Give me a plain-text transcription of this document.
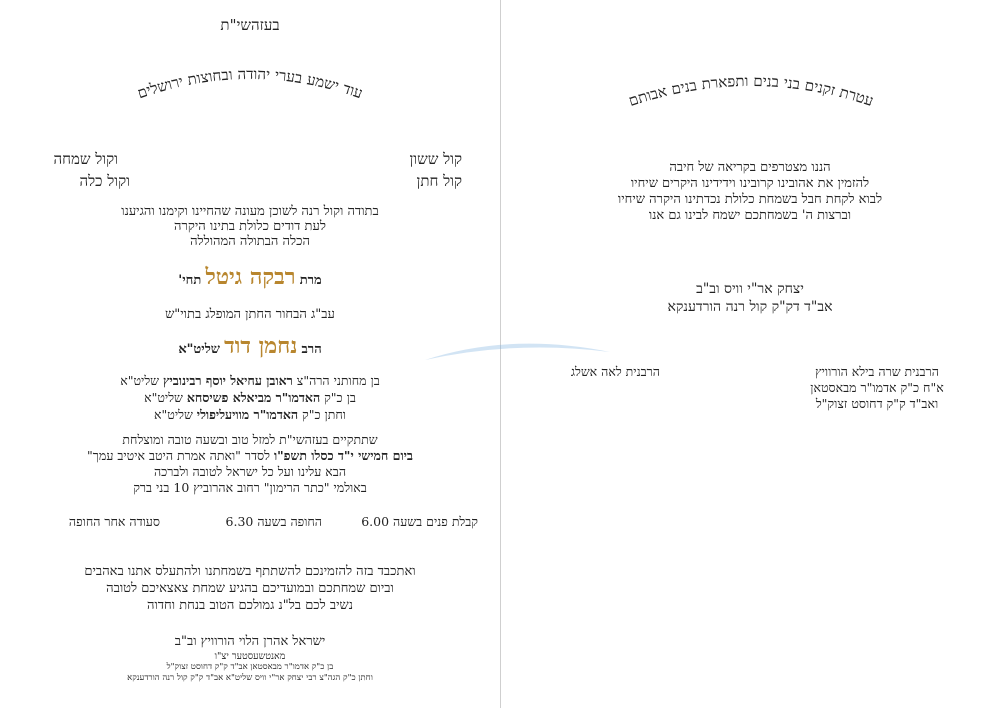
בעזהשי"ת
עוד ישמע בערי יהודה ובחוצות ירושלים
קול ששון
וקול שמחה
קול חתן
וקול כלה
בתודה וקול רנה לשוכן מעונה שהחיינו וקימנו והגיענו
לעת דודים כלולת בתינו היקרה
הכלה הבתולה המהוללה
מרת רבקה גיטל תחי'
עב"ג הבחור החתן המופלג בתוי"ש
הרב נחמן דוד שליט"א
בן מחותני הרה"צ ראובן עחיאל יוסף רבינוביץ שליט"א
בן כ"ק האדמו"ר מביאלא פשיסחא שליט"א
וחתן כ"ק האדמו"ר מוויעליפולי שליט"א
שתתקיים בעזהשי"ת למזל טוב ובשעה טובה ומוצלחת
ביום חמישי י"ד כסלו תשפ"ו לסדר "ואתה אמרת היטב איטיב עמך"
הבא עלינו ועל כל ישראל לטובה ולברכה
באולמי "כתר הרימון" רחוב אהרוביץ 10 בני ברק
קבלת פנים בשעה 6.00
החופה בשעה 6.30
סעודה אחר החופה
ואתכבד בזה להזמינכם להשתתף בשמחתנו ולהתעלס אתנו באהבים
וביום שמחתכם ובמועדיכם בהגיע שמחת צאצאיכם לטובה
נשיב לכם בל"נ גמולכם הטוב בנחת וחדוה
ישראל אהרן הלוי הורוויץ וב"ב
מאנטשעסטער יצ"ו
בן כ"ק אדמו"ר מבאסטאן אב"ד ק"ק דחוסט זצוק"ל
וחתן כ"ק הגה"צ רבי יצחק אר"י וויס שליט"א אב"ד ק"ק קול רנה הורדענקא
עטרת זקנים בני בנים ותפארת בנים אבותם
הננו מצטרפים בקריאה של חיבה
להזמין את אהובינו קרובינו וידידינו היקרים שיחיו
לבוא לקחת חבל בשמחת כלולת נכדתינו היקרה שיחיו
וברצות ה' בשמחתכם ישמח לבינו גם אנו
יצחק אר"י וויס וב"ב
אב"ד דק"ק קול רנה הורדענקא
הרבנית לאה אשלג	הרבנית שרה בילא הורוויץ
א"ח כ"ק אדמו"ר מבאסטאן
ואב"ד ק"ק דחוסט זצוק"ל
